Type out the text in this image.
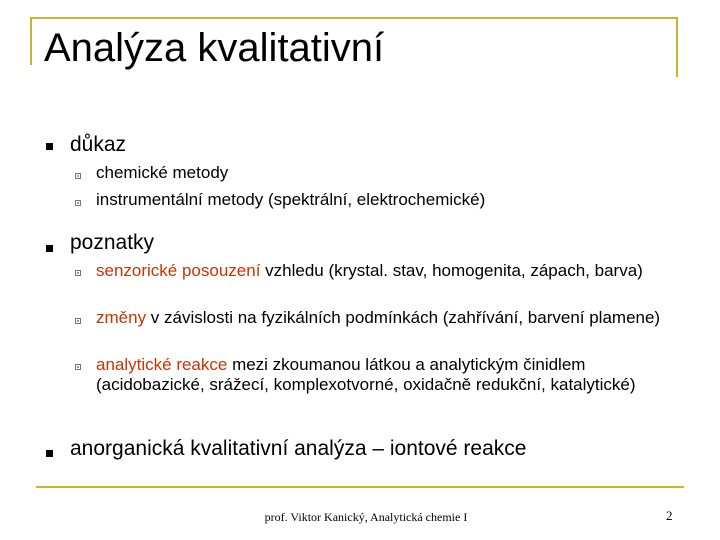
Analýza kvalitativní
důkaz
chemické metody
instrumentální metody (spektrální, elektrochemické)
poznatky
senzorické posouzení vzhledu (krystal. stav, homogenita, zápach, barva)
změny v závislosti na fyzikálních podmínkách (zahřívání, barvení plamene)
analytické reakce mezi zkoumanou látkou a analytickým činidlem (acidobazické, srážecí, komplexotvorné, oxidačně redukční, katalytické)
anorganická kvalitativní analýza – iontové reakce
prof. Viktor Kanický, Analytická chemie I	2
